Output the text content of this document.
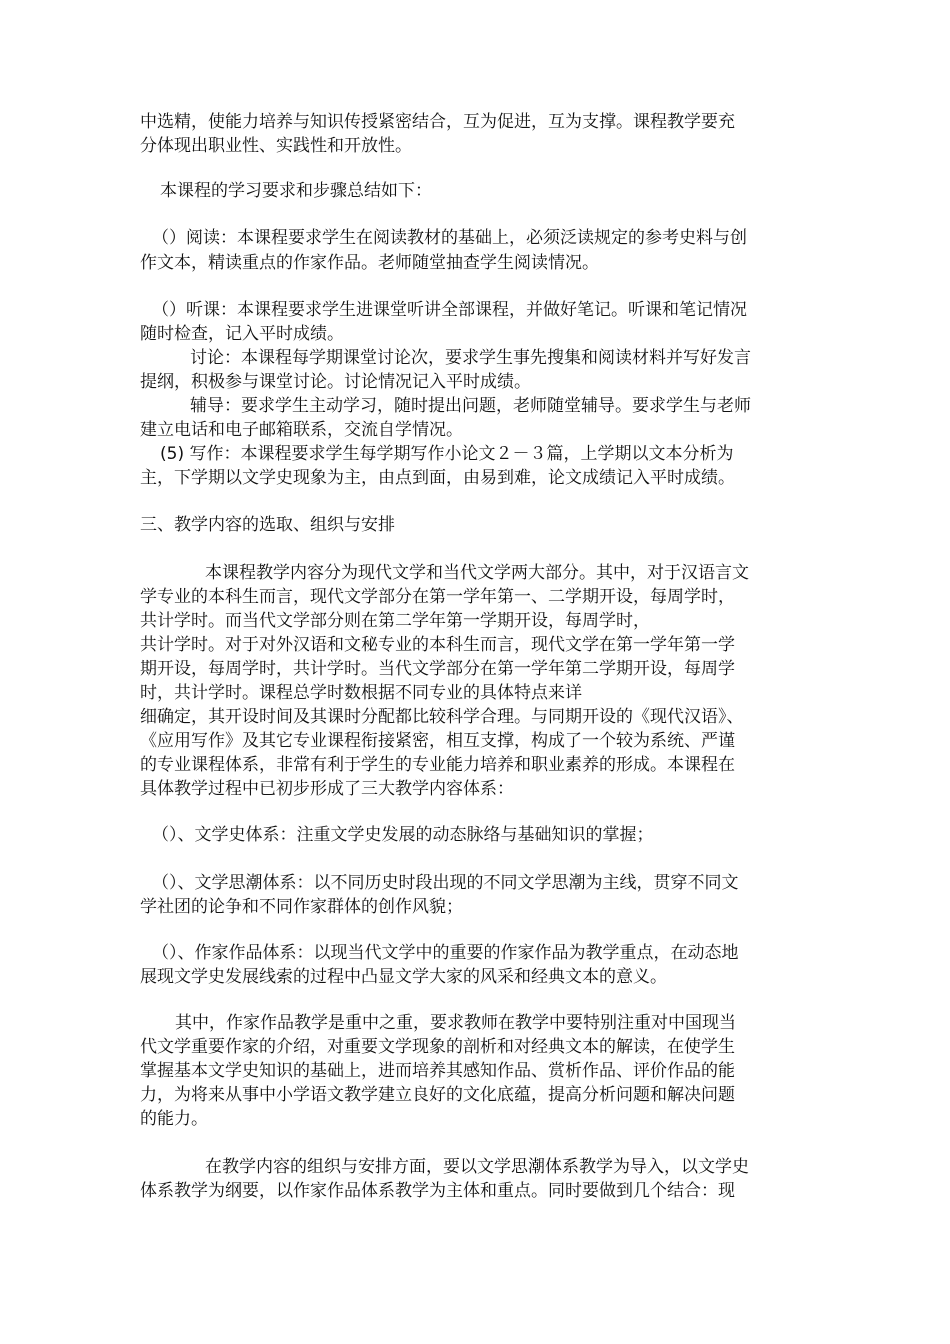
中选精，使能力培养与知识传授紧密结合，互为促进，互为支撑。课程教学要充
分体现出职业性、实践性和开放性。
本课程的学习要求和步骤总结如下：
（）阅读：本课程要求学生在阅读教材的基础上，必须泛读规定的参考史料与创
作文本，精读重点的作家作品。老师随堂抽查学生阅读情况。
（）听课：本课程要求学生进课堂听讲全部课程，并做好笔记。听课和笔记情况
随时检查，记入平时成绩。
讨论：本课程每学期课堂讨论次，要求学生事先搜集和阅读材料并写好发言
提纲，积极参与课堂讨论。讨论情况记入平时成绩。
辅导：要求学生主动学习，随时提出问题，老师随堂辅导。要求学生与老师
建立电话和电子邮箱联系，交流自学情况。
(5) 写作：本课程要求学生每学期写作小论文２－３篇，上学期以文本分析为
主，下学期以文学史现象为主，由点到面，由易到难，论文成绩记入平时成绩。
三、教学内容的选取、组织与安排
本课程教学内容分为现代文学和当代文学两大部分。其中，对于汉语言文
学专业的本科生而言，现代文学部分在第一学年第一、二学期开设，每周学时，
共计学时。而当代文学部分则在第二学年第一学期开设，每周学时，
共计学时。对于对外汉语和文秘专业的本科生而言，现代文学在第一学年第一学
期开设，每周学时，共计学时。当代文学部分在第一学年第二学期开设，每周学
时，共计学时。课程总学时数根据不同专业的具体特点来详
细确定，其开设时间及其课时分配都比较科学合理。与同期开设的《现代汉语》、
《应用写作》及其它专业课程衔接紧密，相互支撑，构成了一个较为系统、严谨
的专业课程体系，非常有利于学生的专业能力培养和职业素养的形成。本课程在
具体教学过程中已初步形成了三大教学内容体系：
（）、文学史体系：注重文学史发展的动态脉络与基础知识的掌握；
（）、文学思潮体系：以不同历史时段出现的不同文学思潮为主线，贯穿不同文
学社团的论争和不同作家群体的创作风貌；
（）、作家作品体系：以现当代文学中的重要的作家作品为教学重点，在动态地
展现文学史发展线索的过程中凸显文学大家的风采和经典文本的意义。
其中，作家作品教学是重中之重，要求教师在教学中要特别注重对中国现当
代文学重要作家的介绍，对重要文学现象的剖析和对经典文本的解读，在使学生
掌握基本文学史知识的基础上，进而培养其感知作品、赏析作品、评价作品的能
力，为将来从事中小学语文教学建立良好的文化底蕴，提高分析问题和解决问题
的能力。
在教学内容的组织与安排方面，要以文学思潮体系教学为导入，以文学史
体系教学为纲要，以作家作品体系教学为主体和重点。同时要做到几个结合：现
